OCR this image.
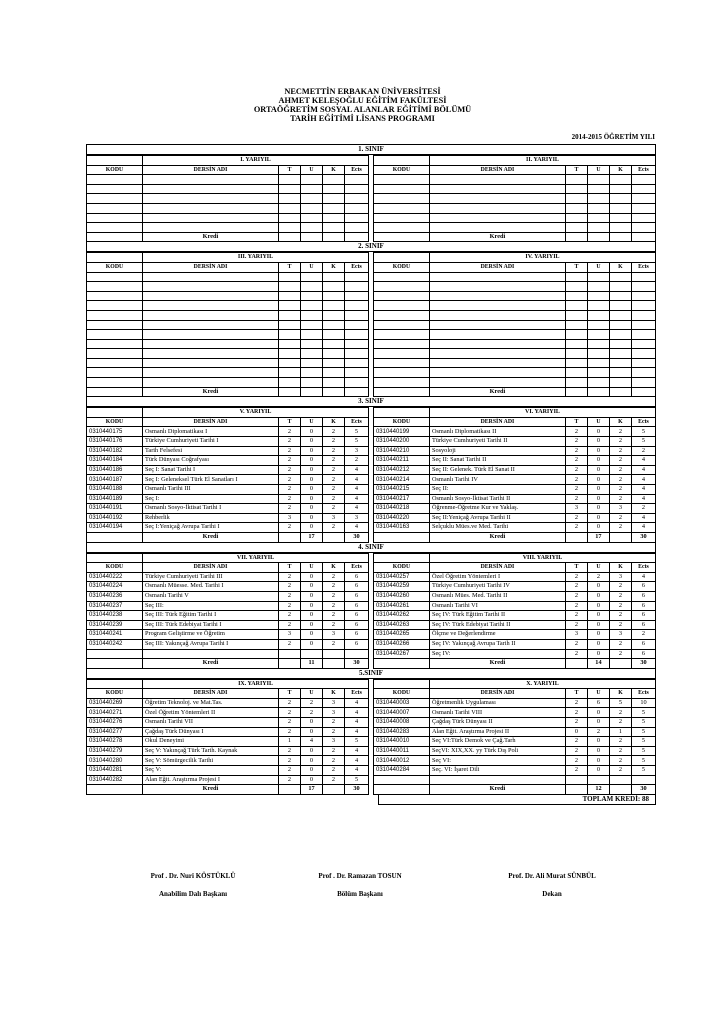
NECMETTİN ERBAKAN ÜNİVERSİTESİ
AHMET KELEŞOĞLU EĞİTİM FAKÜLTESİ
ORTAÖĞRETİM SOSYAL ALANLAR EĞİTİMİ BÖLÜMÜ
TARİH EĞİTİMİ LİSANS PROGRAMI
2014-2015 ÖĞRETİM YILI
1. SINIF
	I. YARIYIL				
KODU	DERSİN ADI	T	U	K	Ects

	Kredi				
	II. YARIYIL				
KODU	DERSİN ADI	T	U	K	Ects

	Kredi				
2. SINIF
	III. YARIYIL				
KODU	DERSİN ADI	T	U	K	Ects

	Kredi				
	IV. YARIYIL				
KODU	DERSİN ADI	T	U	K	Ects

	Kredi				
3. SINIF
	V. YARIYIL				
KODU	DERSİN ADI	T	U	K	Ects
0310440175	Osmanlı Diplomatikası I	2	0	2	5
0310440176	Türkiye Cumhuriyeti Tarihi I	2	0	2	5
0310440182	Tarih Felsefesi	2	0	2	3
0310440184	Türk Dünyası Coğrafyası	2	0	2	2
0310440186	Seç I: Sanat Tarihi I	2	0	2	4
0310440187	Seç I: Geleneksel Türk El Sanatları I	2	0	2	4
0310440188	Osmanlı Tarihi III	2	0	2	4
0310440189	Seç I:	2	0	2	4
0310440191	Osmanlı Sosyo-İktisat Tarihi I	2	0	2	4
0310440192	Rehberlik	3	0	3	3
0310440194	Seç I:Yeniçağ Avrupa Tarihi I	2	0	2	4
	Kredi		17		30
	VI. YARIYIL				
KODU	DERSİN ADI	T	U	K	Ects
0310440199	Osmanlı Diplomatikası II	2	0	2	5
0310440200	Türkiye Cumhuriyeti Tarihi II	2	0	2	5
0310440210	Sosyoloji	2	0	2	2
0310440211	Seç II: Sanat Tarihi II	2	0	2	4
0310440212	Seç II: Gelenek. Türk El Sanat II	2	0	2	4
0310440214	Osmanlı Tarihi IV	2	0	2	4
0310440215	Seç II:	2	0	2	4
0310440217	Osmanlı Sosyo-İktisat Tarihi II	2	0	2	4
0310440218	Öğrenme-Öğretme Kur ve Yaklaş.	3	0	3	2
0310440220	Seç II:Yeniçağ Avrupa Tarihi II	2	0	2	4
0310440163	Selçuklu Mües.ve Med. Tarihi	2	0	2	4
	Kredi		17		30
4. SINIF
	VII. YARIYIL				
KODU	DERSİN ADI	T	U	K	Ects
0310440222	Türkiye Cumhuriyeti Tarihi III	2	0	2	6
0310440224	Osmanlı Müesse. Med. Tarihi I	2	0	2	6
0310440236	Osmanlı Tarihi V	2	0	2	6
0310440237	Seç III:	2	0	2	6
0310440238	Seç III: Türk Eğitim Tarihi I	2	0	2	6
0310440239	Seç III: Türk Edebiyat Tarihi I	2	0	2	6
0310440241	Program Geliştirme ve Öğretim	3	0	3	6
0310440242	Seç III: Yakınçağ Avrupa Tarihi I	2	0	2	6

	Kredi		11		30
	VIII. YARIYIL				
KODU	DERSİN ADI	T	U	K	Ects
0310440257	Özel Öğretim Yöntemleri I	2	2	3	4
0310440259	Türkiye Cumhuriyeti Tarihi IV	2	0	2	6
0310440260	Osmanlı Mües. Med. Tarihi II	2	0	2	6
0310440261	Osmanlı Tarihi VI	2	0	2	6
0310440262	Seç IV: Türk Eğitim Tarihi II	2	0	2	6
0310440263	Seç IV: Türk Edebiyat Tarihi II	2	0	2	6
0310440265	Ölçme ve Değerlendirme	3	0	3	2
0310440266	Seç IV: Yakınçağ Avrupa Tarih II	2	0	2	6
0310440267	Seç IV:	2	0	2	6
	Kredi		14		30
5.SINIF
	IX. YARIYIL				
KODU	DERSİN ADI	T	U	K	Ects
0310440269	Öğretim Teknoloj. ve Mat.Tas.	2	2	3	4
0310440271	Özel Öğretim Yöntemleri II	2	2	3	4
0310440276	Osmanlı Tarihi VII	2	0	2	4
0310440277	Çağdaş Türk Dünyası I	2	0	2	4
0310440278	Okul Deneyimi	1	4	3	5
0310440279	Seç V: Yakınçağ Türk Tarih. Kaynak	2	0	2	4
0310440280	Seç V: Sömürgecilik Tarihi	2	0	2	4
0310440281	Seç V:	2	0	2	4
0310440282	Alan Eğit. Araştırma Projesi I	2	0	2	5
	Kredi		17		30
	X. YARIYIL				
KODU	DERSİN ADI	T	U	K	Ects
0310440003	Öğretmenlik Uygulaması	2	6	5	10
0310440007	Osmanlı Tarihi VIII	2	0	2	5
0310440008	Çağdaş Türk Dünyası II	2	0	2	5
0310440283	Alan Eğit. Araştırma Projesi II	0	2	1	5
0310440010	Seç VI:Türk Demok ve Çağ.Tarh	2	0	2	5
0310440011	SeçVI: XIX,XX. yy Türk Dış Poli	2	0	2	5
0310440012	Seç VI:	2	0	2	5
0310440284	Seç. VI: İşaret Dili	2	0	2	5

	Kredi		12		30
TOPLAM KREDİ: 88
Prof . Dr. Nuri KÖSTÜKLÜ
Anabilim Dalı Başkanı
Prof . Dr. Ramazan TOSUN
Bölüm Başkanı
Prof. Dr. Ali Murat SÜNBÜL
Dekan
